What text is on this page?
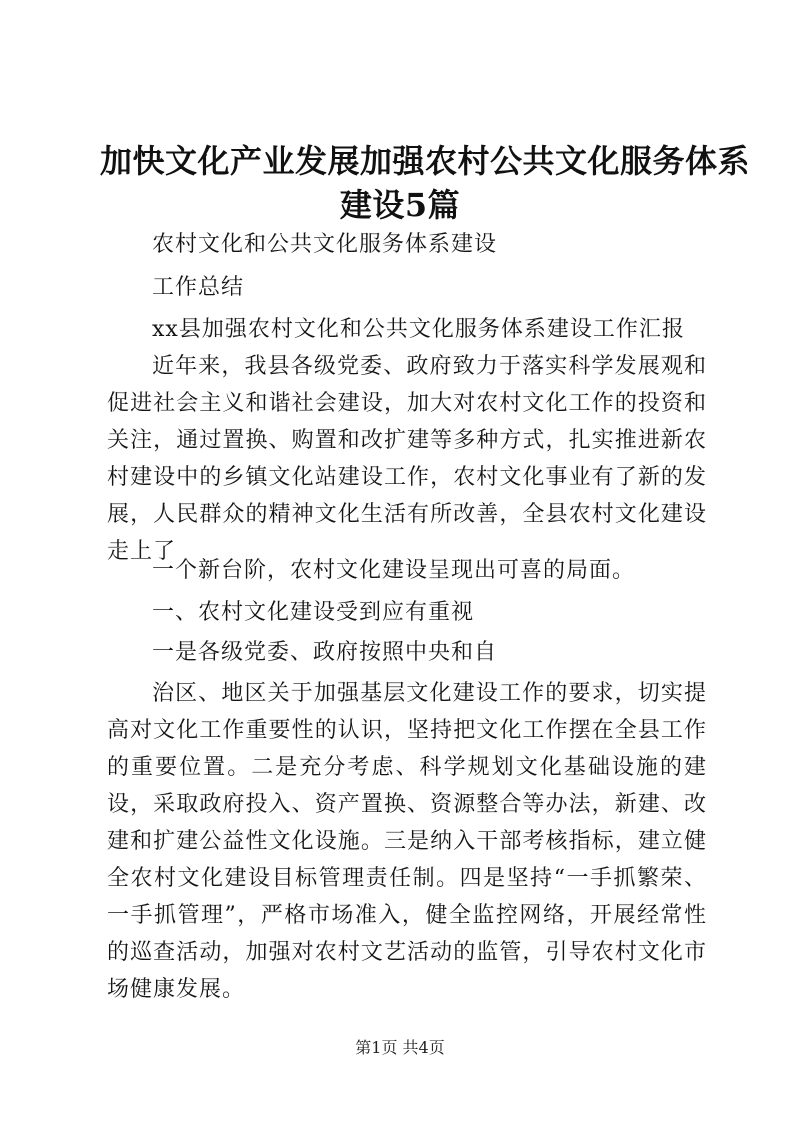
加快文化产业发展加强农村公共文化服务体系
建设5篇
农村文化和公共文化服务体系建设
工作总结
xx县加强农村文化和公共文化服务体系建设工作汇报
近年来，我县各级党委、政府致力于落实科学发展观和促进社会主义和谐社会建设，加大对农村文化工作的投资和关注，通过置换、购置和改扩建等多种方式，扎实推进新农村建设中的乡镇文化站建设工作，农村文化事业有了新的发展，人民群众的精神文化生活有所改善，全县农村文化建设走上了
一个新台阶，农村文化建设呈现出可喜的局面。
一、农村文化建设受到应有重视
一是各级党委、政府按照中央和自
治区、地区关于加强基层文化建设工作的要求，切实提高对文化工作重要性的认识，坚持把文化工作摆在全县工作的重要位置。二是充分考虑、科学规划文化基础设施的建设，采取政府投入、资产置换、资源整合等办法，新建、改建和扩建公益性文化设施。三是纳入干部考核指标，建立健全农村文化建设目标管理责任制。四是坚持“一手抓繁荣、一手抓管理”，严格市场准入，健全监控网络，开展经常性的巡查活动，加强对农村文艺活动的监管，引导农村文化市场健康发展。
第1页 共4页
